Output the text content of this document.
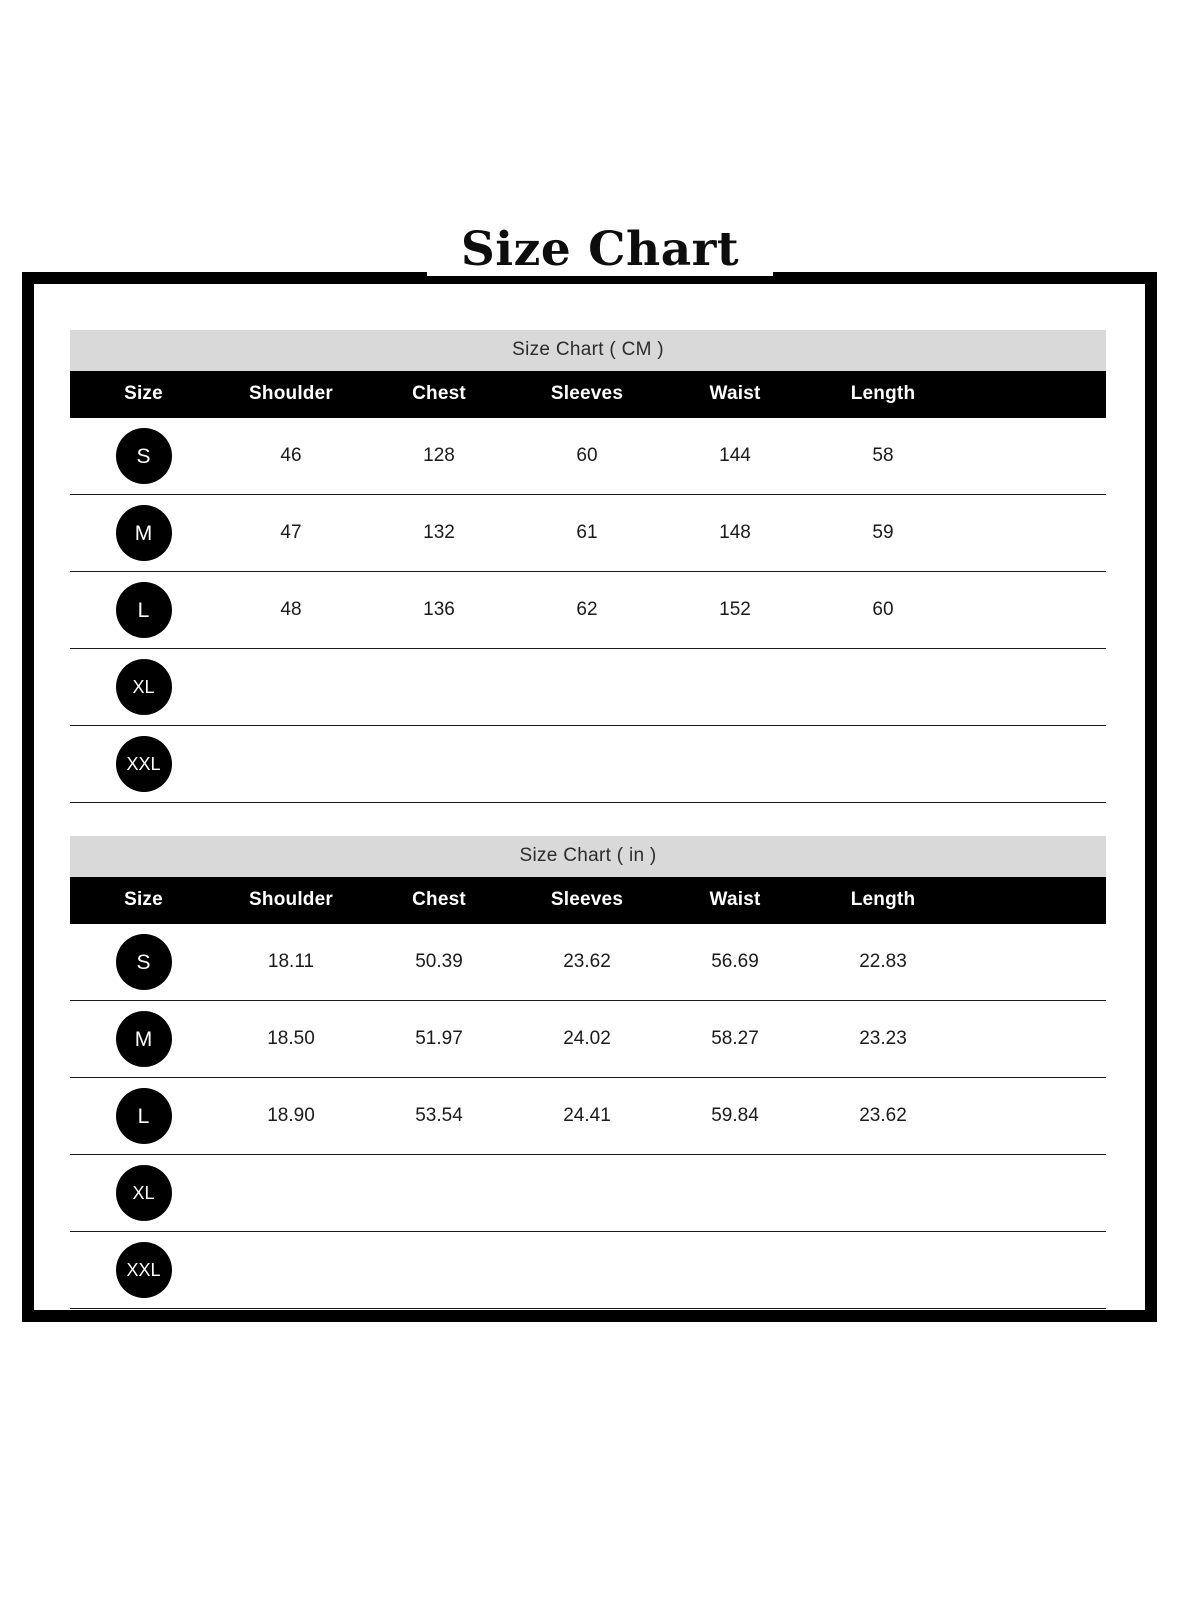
Size Chart
Size Chart ( CM )						
Size	Shoulder	Chest	Sleeves	Waist	Length	
S	46	128	60	144	58	
M	47	132	61	148	59	
L	48	136	62	152	60	
XL						
XXL						
Size Chart ( in )						
Size	Shoulder	Chest	Sleeves	Waist	Length	
S	18.11	50.39	23.62	56.69	22.83	
M	18.50	51.97	24.02	58.27	23.23	
L	18.90	53.54	24.41	59.84	23.62	
XL						
XXL						
